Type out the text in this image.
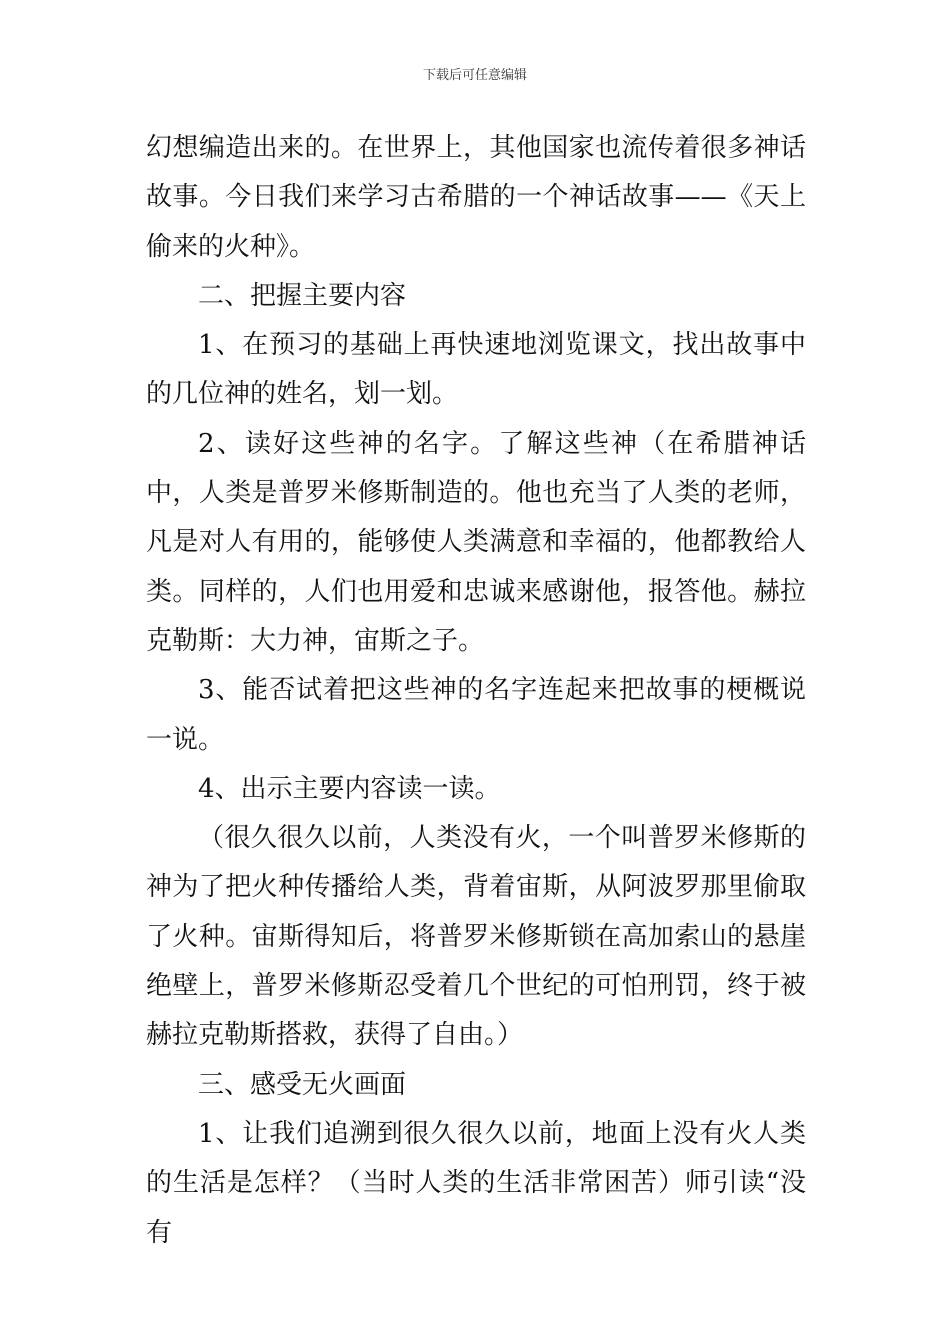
下载后可任意编辑

幻想编造出来的。在世界上，其他国家也流传着很多神话故事。今日我们来学习古希腊的一个神话故事——《天上偷来的火种》。

二、把握主要内容

1、在预习的基础上再快速地浏览课文，找出故事中的几位神的姓名，划一划。

2、读好这些神的名字。了解这些神（在希腊神话中，人类是普罗米修斯制造的。他也充当了人类的老师，凡是对人有用的，能够使人类满意和幸福的，他都教给人类。同样的，人们也用爱和忠诚来感谢他，报答他。赫拉克勒斯：大力神，宙斯之子。

3、能否试着把这些神的名字连起来把故事的梗概说一说。

4、出示主要内容读一读。

（很久很久以前，人类没有火，一个叫普罗米修斯的神为了把火种传播给人类，背着宙斯，从阿波罗那里偷取了火种。宙斯得知后，将普罗米修斯锁在高加索山的悬崖绝壁上，普罗米修斯忍受着几个世纪的可怕刑罚，终于被赫拉克勒斯搭救，获得了自由。）

三、感受无火画面

1、让我们追溯到很久很久以前，地面上没有火人类的生活是怎样？（当时人类的生活非常困苦）师引读“没有
